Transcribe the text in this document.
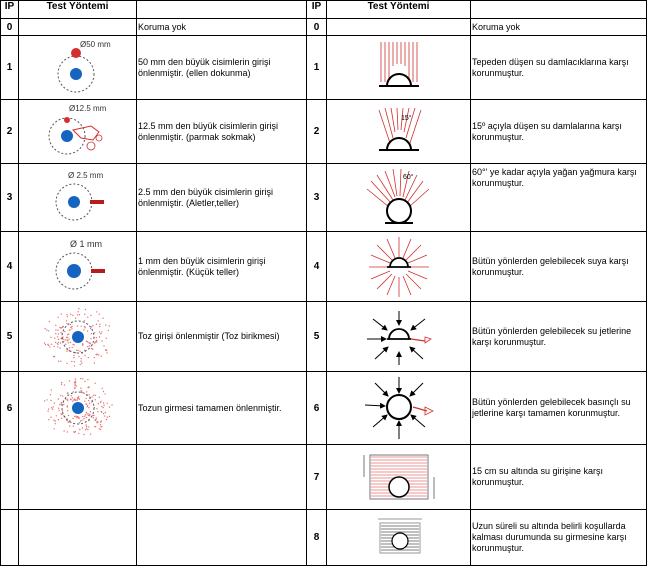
IP	Test Yöntemi		IP	Test Yöntemi	
0		Koruma yok	0		Koruma yok
1	Ø50 mm	50 mm den büyük cisimlerin girişi önlenmiştir. (ellen dokunma)	1		Tepeden düşen su damlacıklarına karşı korunmuştur.
2	Ø12.5 mm	12.5 mm den büyük cisimlerin girişi önlenmiştir. (parmak sokmak)	2	15°	15º açıyla düşen su damlalarına karşı korunmuştur.
3	Ø 2.5 mm	2.5 mm den büyük cisimlerin girişi önlenmiştir. (Aletler,teller)	3	60°	60°' ye kadar açıyla yağan yağmura karşı korunmuştur.
4	Ø 1 mm	1 mm den büyük cisimlerin girişi önlenmiştir. (Küçük teller)	4		Bütün yönlerden gelebilecek suya karşı korunmuştur.
5		Toz girişi önlenmiştir (Toz birikmesi)	5		Bütün yönlerden gelebilecek su jetlerine karşı korunmuştur.
6		Tozun girmesi tamamen önlenmiştir.	6		Bütün yönlerden gelebilecek basınçlı su jetlerine karşı tamamen korunmuştur.
			7		15 cm su altında su girişine karşı korunmuştur.
			8		Uzun süreli su altında belirli koşullarda kalması durumunda su girmesine karşı korunmuştur.
